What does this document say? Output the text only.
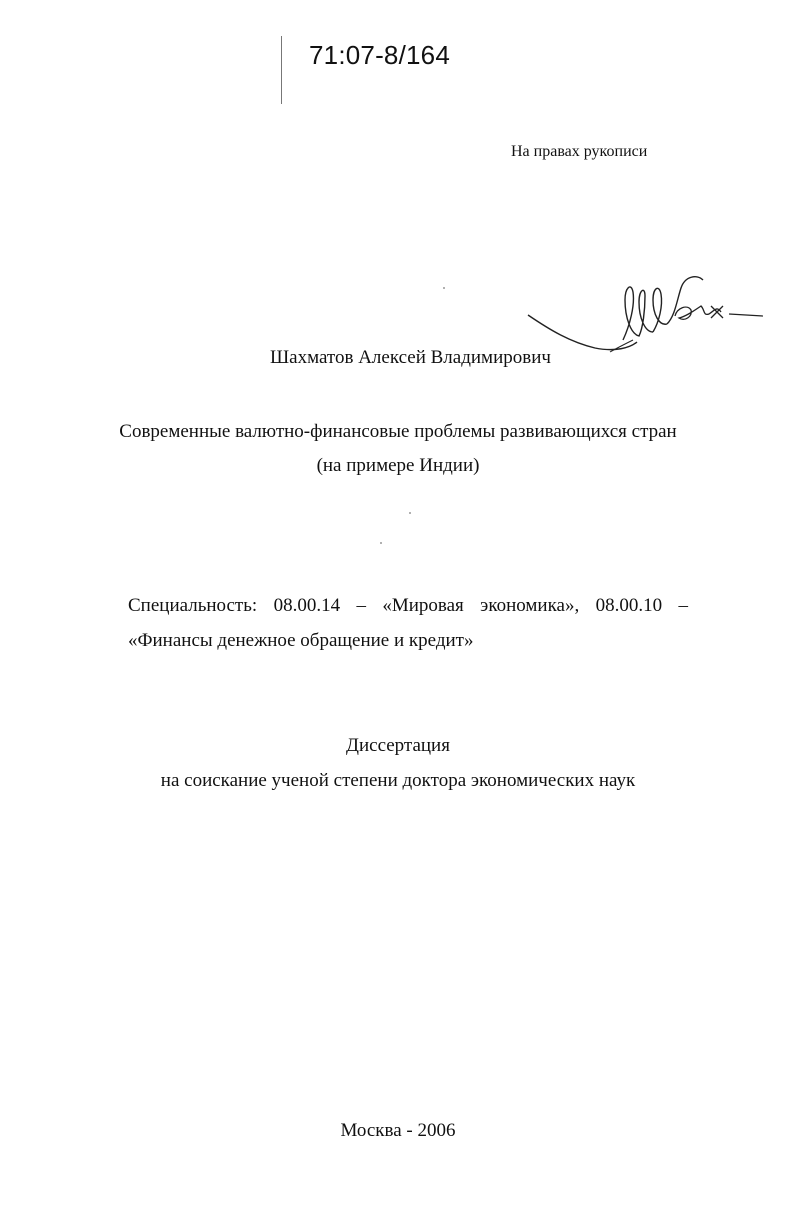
71:07-8/164
На правах рукописи
Шахматов Алексей Владимирович
Современные валютно-финансовые проблемы развивающихся стран
(на примере Индии)
Специальность: 08.00.14 – «Мировая экономика», 08.00.10 –
«Финансы денежное обращение и кредит»
Диссертация
на соискание ученой степени доктора экономических наук
Москва - 2006
